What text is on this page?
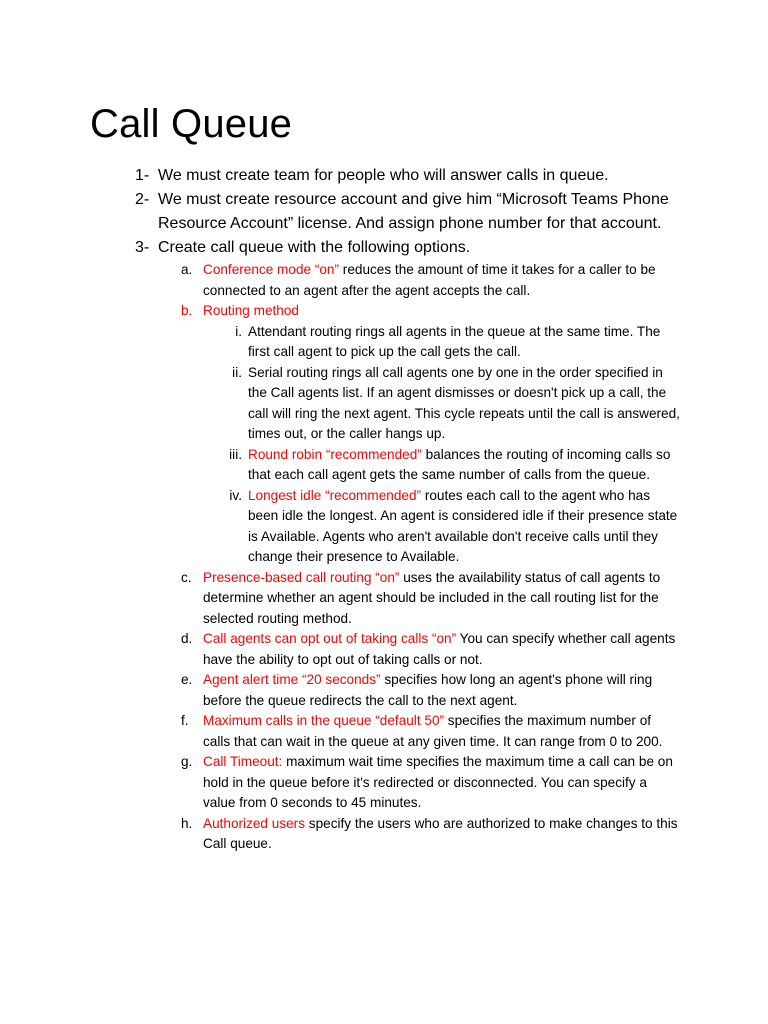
Call Queue
1- We must create team for people who will answer calls in queue.
2- We must create resource account and give him “Microsoft Teams Phone Resource Account” license. And assign phone number for that account.
3- Create call queue with the following options.
a. Conference mode “on” reduces the amount of time it takes for a caller to be connected to an agent after the agent accepts the call.
b. Routing method
i. Attendant routing rings all agents in the queue at the same time. The first call agent to pick up the call gets the call.
ii. Serial routing rings all call agents one by one in the order specified in the Call agents list. If an agent dismisses or doesn't pick up a call, the call will ring the next agent. This cycle repeats until the call is answered, times out, or the caller hangs up.
iii. Round robin “recommended” balances the routing of incoming calls so that each call agent gets the same number of calls from the queue.
iv. Longest idle “recommended” routes each call to the agent who has been idle the longest. An agent is considered idle if their presence state is Available. Agents who aren't available don't receive calls until they change their presence to Available.
c. Presence-based call routing “on” uses the availability status of call agents to determine whether an agent should be included in the call routing list for the selected routing method.
d. Call agents can opt out of taking calls “on” You can specify whether call agents have the ability to opt out of taking calls or not.
e. Agent alert time “20 seconds” specifies how long an agent's phone will ring before the queue redirects the call to the next agent.
f. Maximum calls in the queue “default 50” specifies the maximum number of calls that can wait in the queue at any given time. It can range from 0 to 200.
g. Call Timeout: maximum wait time specifies the maximum time a call can be on hold in the queue before it's redirected or disconnected. You can specify a value from 0 seconds to 45 minutes.
h. Authorized users specify the users who are authorized to make changes to this Call queue.
